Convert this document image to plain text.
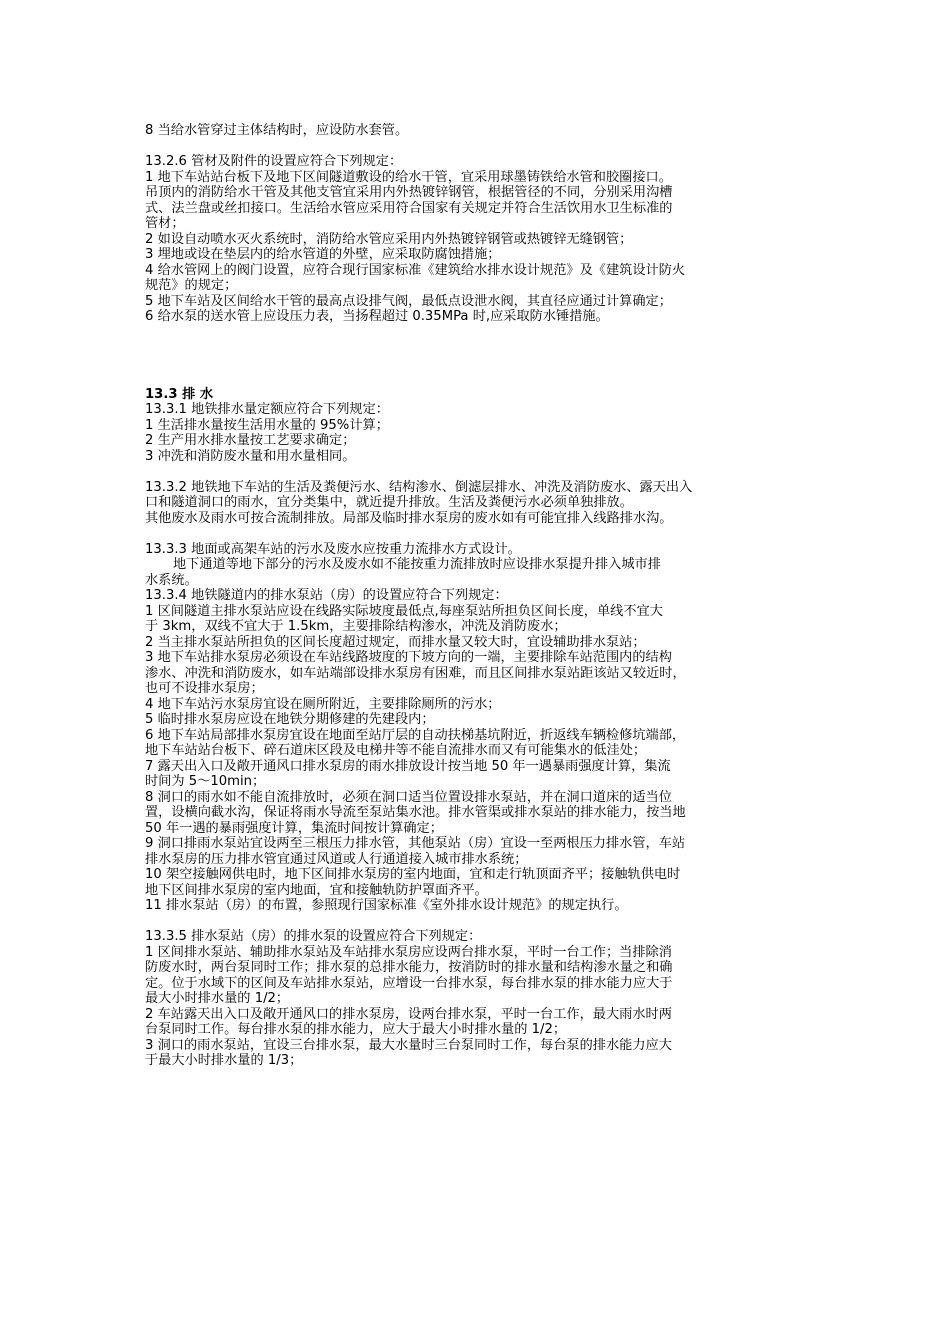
8 当给水管穿过主体结构时，应设防水套管。
13.2.6 管材及附件的设置应符合下列规定：
1 地下车站站台板下及地下区间隧道敷设的给水干管，宜采用球墨铸铁给水管和胶圈接口。
吊顶内的消防给水干管及其他支管宜采用内外热镀锌钢管，根据管径的不同，分别采用沟槽
式、法兰盘或丝扣接口。生活给水管应采用符合国家有关规定并符合生活饮用水卫生标准的
管材；
2 如设自动喷水灭火系统时，消防给水管应采用内外热镀锌钢管或热镀锌无缝钢管；
3 埋地或设在垫层内的给水管道的外壁，应采取防腐蚀措施；
4 给水管网上的阀门设置，应符合现行国家标准《建筑给水排水设计规范》及《建筑设计防火
规范》的规定；
5 地下车站及区间给水干管的最高点设排气阀，最低点设泄水阀，其直径应通过计算确定；
6 给水泵的送水管上应设压力表，当扬程超过 0.35MPa 时,应采取防水锤措施。
13.3 排 水
13.3.1 地铁排水量定额应符合下列规定：
1 生活排水量按生活用水量的 95%计算；
2 生产用水排水量按工艺要求确定；
3 冲洗和消防废水量和用水量相同。
13.3.2 地铁地下车站的生活及粪便污水、结构渗水、倒滤层排水、冲洗及消防废水、露天出入
口和隧道洞口的雨水，宜分类集中，就近提升排放。生活及粪便污水必须单独排放。
其他废水及雨水可按合流制排放。局部及临时排水泵房的废水如有可能宜排入线路排水沟。
13.3.3 地面或高架车站的污水及废水应按重力流排水方式设计。
地下通道等地下部分的污水及废水如不能按重力流排放时应设排水泵提升排入城市排
水系统。
13.3.4 地铁隧道内的排水泵站（房）的设置应符合下列规定：
1 区间隧道主排水泵站应设在线路实际坡度最低点,每座泵站所担负区间长度，单线不宜大
于 3km，双线不宜大于 1.5km，主要排除结构渗水，冲洗及消防废水；
2 当主排水泵站所担负的区间长度超过规定，而排水量又较大时，宜设辅助排水泵站；
3 地下车站排水泵房必须设在车站线路坡度的下坡方向的一端，主要排除车站范围内的结构
渗水、冲洗和消防废水，如车站端部设排水泵房有困难，而且区间排水泵站距该站又较近时，
也可不设排水泵房；
4 地下车站污水泵房宜设在厕所附近，主要排除厕所的污水；
5 临时排水泵房应设在地铁分期修建的先建段内；
6 地下车站局部排水泵房宜设在地面至站厅层的自动扶梯基坑附近，折返线车辆检修坑端部，
地下车站站台板下、碎石道床区段及电梯井等不能自流排水而又有可能集水的低洼处；
7 露天出入口及敞开通风口排水泵房的雨水排放设计按当地 50 年一遇暴雨强度计算，集流
时间为 5～10min；
8 洞口的雨水如不能自流排放时，必须在洞口适当位置设排水泵站，并在洞口道床的适当位
置，设横向截水沟，保证将雨水导流至泵站集水池。排水管渠或排水泵站的排水能力，按当地
50 年一遇的暴雨强度计算，集流时间按计算确定；
9 洞口排雨水泵站宜设两至三根压力排水管，其他泵站（房）宜设一至两根压力排水管，车站
排水泵房的压力排水管宜通过风道或人行通道接入城市排水系统；
10 架空接触网供电时，地下区间排水泵房的室内地面，宜和走行轨顶面齐平；接触轨供电时
地下区间排水泵房的室内地面，宜和接触轨防护罩面齐平。
11 排水泵站（房）的布置，参照现行国家标准《室外排水设计规范》的规定执行。
13.3.5 排水泵站（房）的排水泵的设置应符合下列规定：
1 区间排水泵站、辅助排水泵站及车站排水泵房应设两台排水泵，平时一台工作；当排除消
防废水时，两台泵同时工作；排水泵的总排水能力，按消防时的排水量和结构渗水量之和确
定。位于水域下的区间及车站排水泵站，应增设一台排水泵，每台排水泵的排水能力应大于
最大小时排水量的 1/2；
2 车站露天出入口及敞开通风口的排水泵房，设两台排水泵，平时一台工作，最大雨水时两
台泵同时工作。每台排水泵的排水能力，应大于最大小时排水量的 1/2；
3 洞口的雨水泵站，宜设三台排水泵，最大水量时三台泵同时工作，每台泵的排水能力应大
于最大小时排水量的 1/3；
